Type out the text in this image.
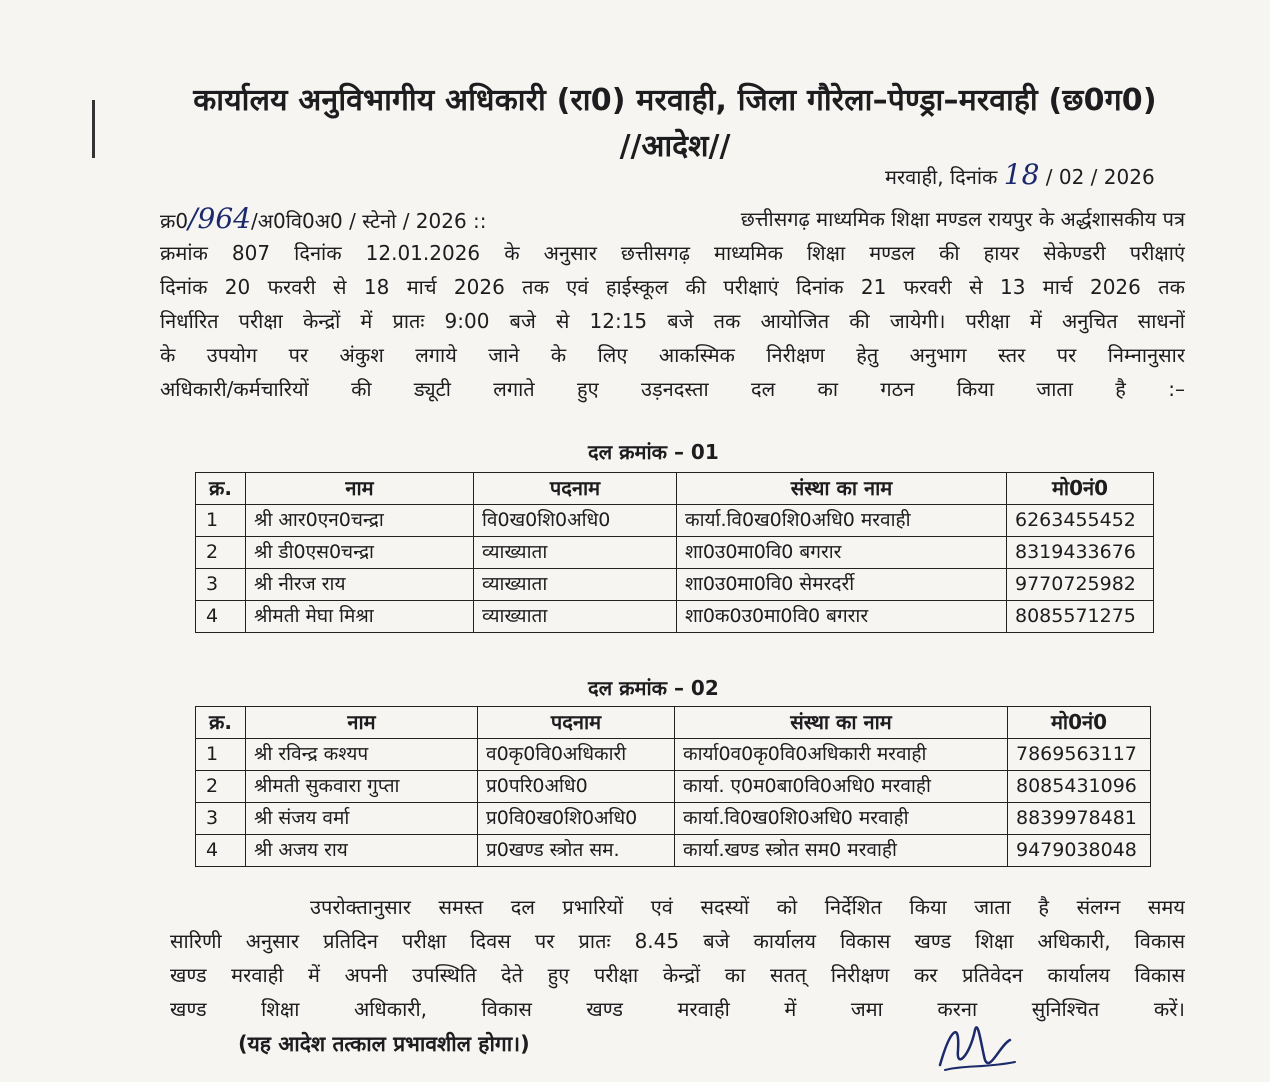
कार्यालय अनुविभागीय अधिकारी (रा0) मरवाही, जिला गौरेला–पेण्ड्रा–मरवाही (छ0ग0)
//आदेश//
मरवाही, दिनांक 18 / 02 / 2026
क्र0/964/अ0वि0अ0 / स्टेनो / 2026 ::	छत्तीसगढ़ माध्यमिक शिक्षा मण्डल रायपुर के अर्द्धशासकीय पत्र
क्रमांक 807 दिनांक 12.01.2026 के अनुसार छत्तीसगढ़ माध्यमिक शिक्षा मण्डल की हायर सेकेण्डरी परीक्षाएं
दिनांक 20 फरवरी से 18 मार्च 2026 तक एवं हाईस्कूल की परीक्षाएं दिनांक 21 फरवरी से 13 मार्च 2026 तक
निर्धारित परीक्षा केन्द्रों में प्रातः 9:00 बजे से 12:15 बजे तक आयोजित की जायेगी। परीक्षा में अनुचित साधनों
के उपयोग पर अंकुश लगाये जाने के लिए आकस्मिक निरीक्षण हेतु अनुभाग स्तर पर निम्नानुसार
अधिकारी/कर्मचारियों की ड्यूटी लगाते हुए उड़नदस्ता दल का गठन किया जाता है :–
दल क्रमांक – 01
क्र.	नाम	पदनाम	संस्था का नाम	मो0नं0
1	श्री आर0एन0चन्द्रा	वि0ख0शि0अधि0	कार्या.वि0ख0शि0अधि0 मरवाही	6263455452
2	श्री डी0एस0चन्द्रा	व्याख्याता	शा0उ0मा0वि0 बगरार	8319433676
3	श्री नीरज राय	व्याख्याता	शा0उ0मा0वि0 सेमरदर्री	9770725982
4	श्रीमती मेघा मिश्रा	व्याख्याता	शा0क0उ0मा0वि0 बगरार	8085571275
दल क्रमांक – 02
क्र.	नाम	पदनाम	संस्था का नाम	मो0नं0
1	श्री रविन्द्र कश्यप	व0कृ0वि0अधिकारी	कार्या0व0कृ0वि0अधिकारी मरवाही	7869563117
2	श्रीमती सुकवारा गुप्ता	प्र0परि0अधि0	कार्या. ए0म0बा0वि0अधि0 मरवाही	8085431096
3	श्री संजय वर्मा	प्र0वि0ख0शि0अधि0	कार्या.वि0ख0शि0अधि0 मरवाही	8839978481
4	श्री अजय राय	प्र0खण्ड स्त्रोत सम.	कार्या.खण्ड स्त्रोत सम0 मरवाही	9479038048
उपरोक्तानुसार समस्त दल प्रभारियों एवं सदस्यों को निर्देशित किया जाता है संलग्न समय
सारिणी अनुसार प्रतिदिन परीक्षा दिवस पर प्रातः 8.45 बजे कार्यालय विकास खण्ड शिक्षा अधिकारी, विकास
खण्ड मरवाही में अपनी उपस्थिति देते हुए परीक्षा केन्द्रों का सतत् निरीक्षण कर प्रतिवेदन कार्यालय विकास
खण्ड शिक्षा अधिकारी, विकास खण्ड मरवाही में जमा करना सुनिश्चित करें।
(यह आदेश तत्काल प्रभावशील होगा।)
